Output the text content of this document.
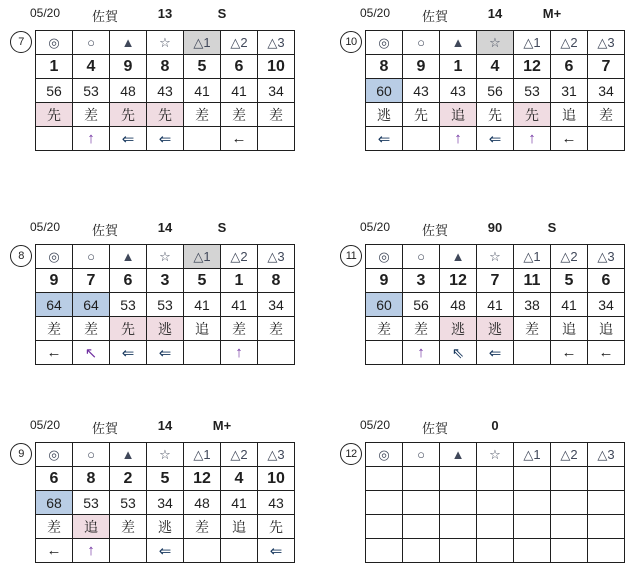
05/20	佐賀	13	S
7	◎	○	▲	☆	△1	△2	△3
1	4	9	8	5	6	10
56	53	48	43	41	41	34
先	差	先	先	差	差	差
	↑	⇐	⇐		←	
05/20	佐賀	14	M+
10	◎	○	▲	☆	△1	△2	△3
8	9	1	4	12	6	7
60	43	43	56	53	31	34
逃	先	追	先	先	追	差
⇐		↑	⇐	↑	←	
05/20	佐賀	14	S
8	◎	○	▲	☆	△1	△2	△3
9	7	6	3	5	1	8
64	64	53	53	41	41	34
差	差	先	逃	追	差	差
←	↖	⇐	⇐		↑	
05/20	佐賀	90	S
11	◎	○	▲	☆	△1	△2	△3
9	3	12	7	11	5	6
60	56	48	41	38	41	34
差	差	逃	逃	差	追	追
	↑	⇖	⇐		←	←
05/20	佐賀	14	M+
9	◎	○	▲	☆	△1	△2	△3
6	8	2	5	12	4	10
68	53	53	34	48	41	43
差	追	差	逃	差	追	先
←	↑		⇐			⇐
05/20	佐賀	0
12	◎	○	▲	☆	△1	△2	△3
